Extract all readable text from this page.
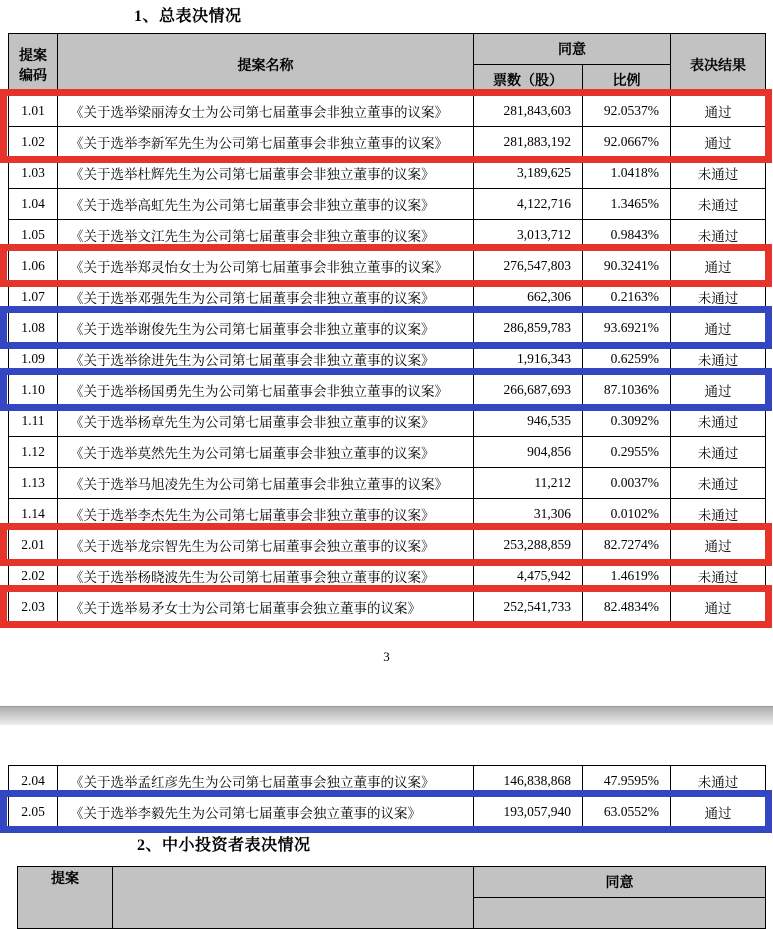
1、总表决情况
提案
编码	提案名称	同意		表决结果
		票数（股）	比例	
1.01	《关于选举梁丽涛女士为公司第七届董事会非独立董事的议案》	281,843,603	92.0537%	通过
1.02	《关于选举李新军先生为公司第七届董事会非独立董事的议案》	281,883,192	92.0667%	通过
1.03	《关于选举杜辉先生为公司第七届董事会非独立董事的议案》	3,189,625	1.0418%	未通过
1.04	《关于选举高虹先生为公司第七届董事会非独立董事的议案》	4,122,716	1.3465%	未通过
1.05	《关于选举文江先生为公司第七届董事会非独立董事的议案》	3,013,712	0.9843%	未通过
1.06	《关于选举郑灵怡女士为公司第七届董事会非独立董事的议案》	276,547,803	90.3241%	通过
1.07	《关于选举邓强先生为公司第七届董事会非独立董事的议案》	662,306	0.2163%	未通过
1.08	《关于选举谢俊先生为公司第七届董事会非独立董事的议案》	286,859,783	93.6921%	通过
1.09	《关于选举徐进先生为公司第七届董事会非独立董事的议案》	1,916,343	0.6259%	未通过
1.10	《关于选举杨国勇先生为公司第七届董事会非独立董事的议案》	266,687,693	87.1036%	通过
1.11	《关于选举杨章先生为公司第七届董事会非独立董事的议案》	946,535	0.3092%	未通过
1.12	《关于选举莫然先生为公司第七届董事会非独立董事的议案》	904,856	0.2955%	未通过
1.13	《关于选举马旭凌先生为公司第七届董事会非独立董事的议案》	11,212	0.0037%	未通过
1.14	《关于选举李杰先生为公司第七届董事会非独立董事的议案》	31,306	0.0102%	未通过
2.01	《关于选举龙宗智先生为公司第七届董事会独立董事的议案》	253,288,859	82.7274%	通过
2.02	《关于选举杨晓波先生为公司第七届董事会独立董事的议案》	4,475,942	1.4619%	未通过
2.03	《关于选举易矛女士为公司第七届董事会独立董事的议案》	252,541,733	82.4834%	通过
3
2.04	《关于选举孟红彦先生为公司第七届董事会独立董事的议案》	146,838,868	47.9595%	未通过
2.05	《关于选举李毅先生为公司第七届董事会独立董事的议案》	193,057,940	63.0552%	通过
2、中小投资者表决情况
提案		同意
